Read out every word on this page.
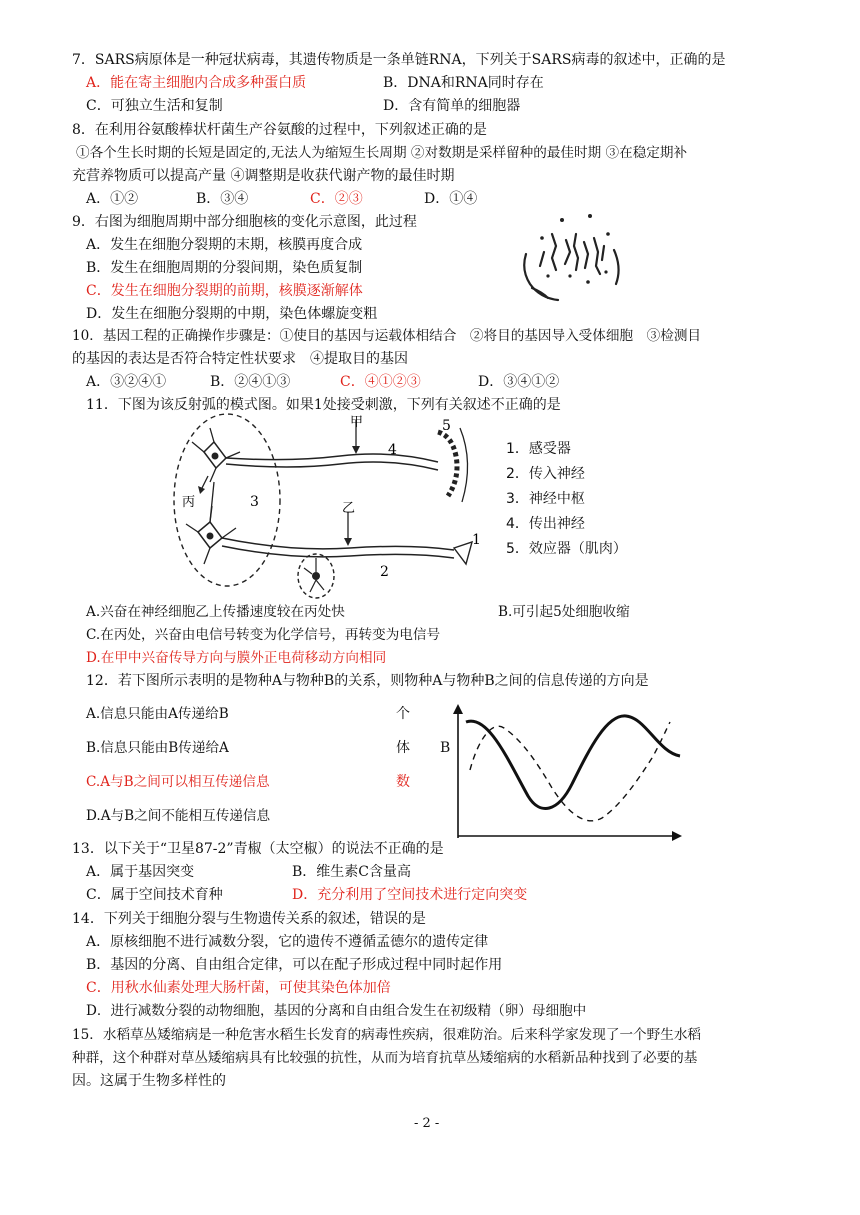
7．SARS病原体是一种冠状病毒，其遗传物质是一条单链RNA，下列关于SARS病毒的叙述中，正确的是
A．能在寄主细胞内合成多种蛋白质	B．DNA和RNA同时存在
C．可独立生活和复制	D．含有简单的细胞器
8．在利用谷氨酸棒状杆菌生产谷氨酸的过程中，下列叙述正确的是
①各个生长时期的长短是固定的,无法人为缩短生长周期 ②对数期是采样留种的最佳时期 ③在稳定期补
充营养物质可以提高产量 ④调整期是收获代谢产物的最佳时期
A．①②	B．③④	C．②③	D．①④
9．右图为细胞周期中部分细胞核的变化示意图，此过程
A．发生在细胞分裂期的末期，核膜再度合成
B．发生在细胞周期的分裂间期，染色质复制
C．发生在细胞分裂期的前期，核膜逐渐解体
D．发生在细胞分裂期的中期，染色体螺旋变粗
10．基因工程的正确操作步骤是：①使目的基因与运载体相结合　②将目的基因导入受体细胞　③检测目
的基因的表达是否符合特定性状要求　④提取目的基因
A．③②④①	B．②④①③	C．④①②③	D．③④①②
11．下图为该反射弧的模式图。如果1处接受刺激，下列有关叙述不正确的是
甲
乙
丙	3
4
2
5
1
1．感受器
2．传入神经
3．神经中枢
4．传出神经
5．效应器（肌肉）
A.兴奋在神经细胞乙上传播速度较在丙处快	B.可引起5处细胞收缩
C.在丙处，兴奋由电信号转变为化学信号，再转变为电信号
D.在甲中兴奋传导方向与膜外正电荷移动方向相同
12．若下图所示表明的是物种A与物种B的关系，则物种A与物种B之间的信息传递的方向是
A.信息只能由A传递给B
B.信息只能由B传递给A
C.A与B之间可以相互传递信息
D.A与B之间不能相互传递信息
个
体
数
B
13．以下关于“卫星87-2”青椒（太空椒）的说法不正确的是
A．属于基因突变	B．维生素C含量高
C．属于空间技术育种	D．充分利用了空间技术进行定向突变
14．下列关于细胞分裂与生物遗传关系的叙述，错误的是
A．原核细胞不进行减数分裂，它的遗传不遵循孟德尔的遗传定律
B．基因的分离、自由组合定律，可以在配子形成过程中同时起作用
C．用秋水仙素处理大肠杆菌，可使其染色体加倍
D．进行减数分裂的动物细胞，基因的分离和自由组合发生在初级精（卵）母细胞中
15．水稻草丛矮缩病是一种危害水稻生长发育的病毒性疾病，很难防治。后来科学家发现了一个野生水稻
种群，这个种群对草丛矮缩病具有比较强的抗性，从而为培育抗草丛矮缩病的水稻新品种找到了必要的基
因。这属于生物多样性的
- 2 -
